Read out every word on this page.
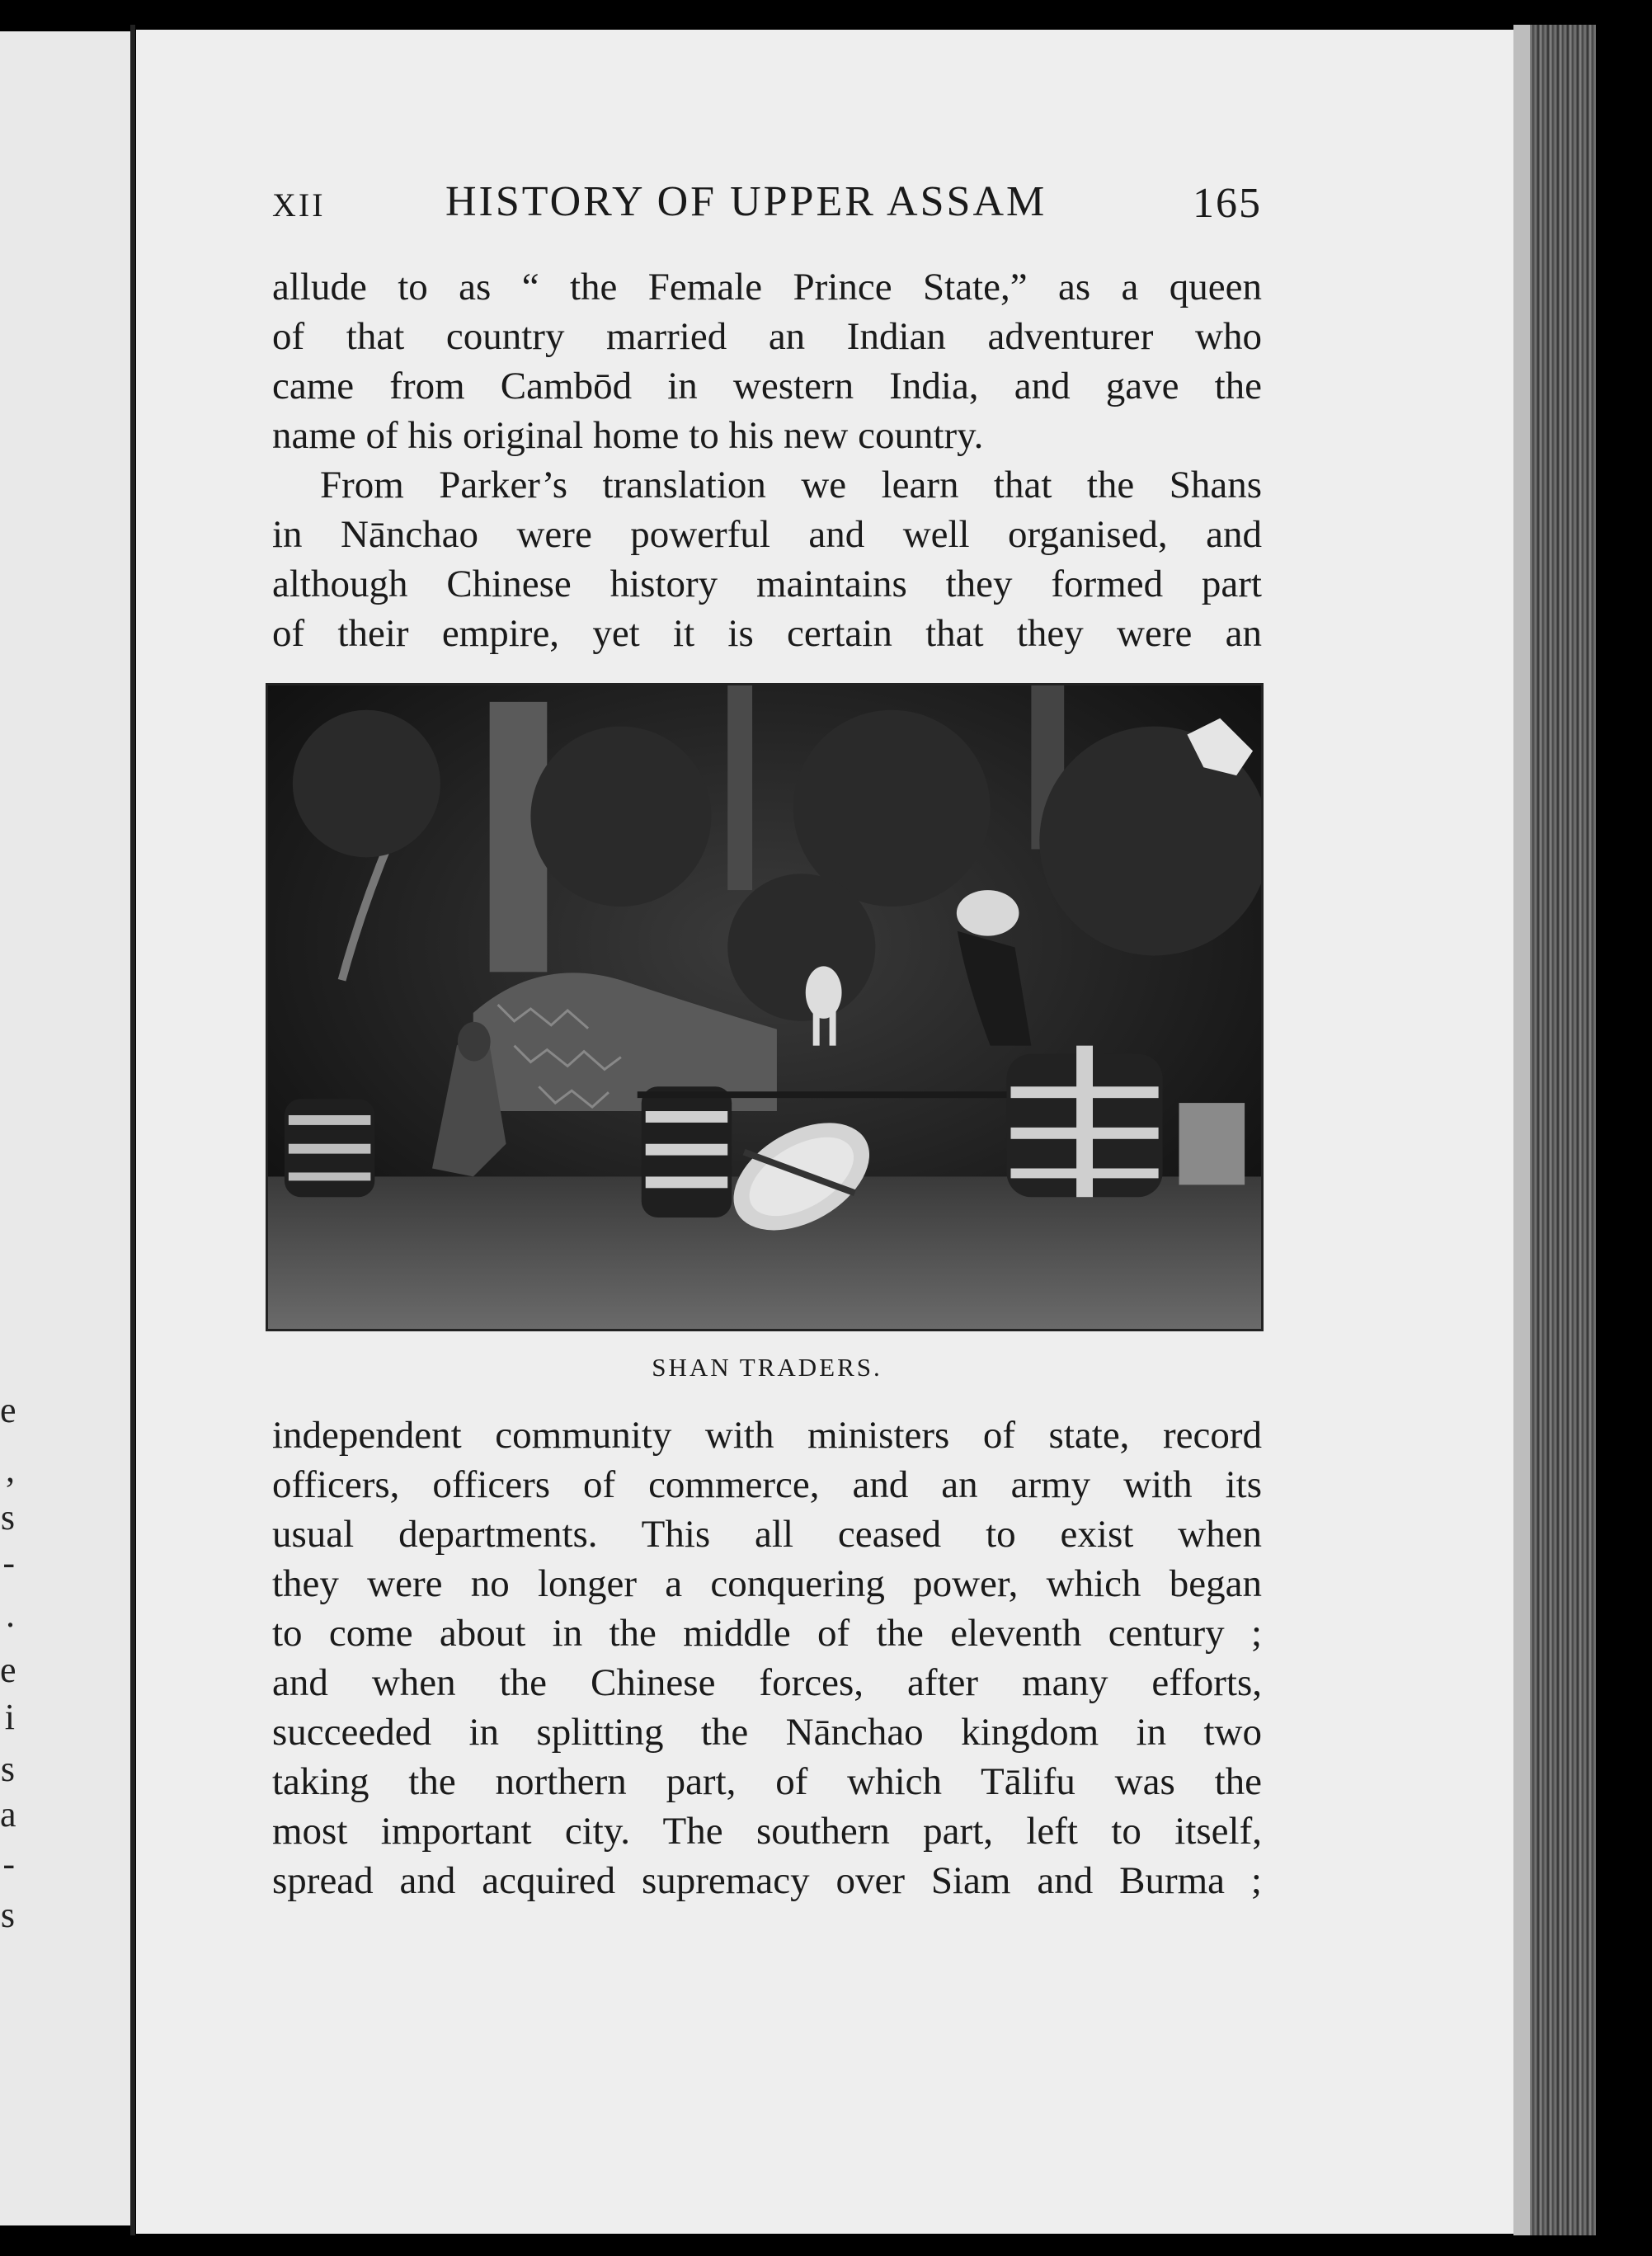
e
,
s
-
.
e
i
s
a
-
s
XII	HISTORY OF UPPER ASSAM	165
allude to as “ the Female Prince State,” as a queen
of that country married an Indian adventurer who
came from Cambōd in western India, and gave the
name of his original home to his new country.
From Parker’s translation we learn that the Shans
in Nānchao were powerful and well organised, and
although Chinese history maintains they formed part
of their empire, yet it is certain that they were an
SHAN TRADERS.
independent community with ministers of state, record
officers, officers of commerce, and an army with its
usual departments. This all ceased to exist when
they were no longer a conquering power, which began
to come about in the middle of the eleventh century ;
and when the Chinese forces, after many efforts,
succeeded in splitting the Nānchao kingdom in two
taking the northern part, of which Tālifu was the
most important city. The southern part, left to itself,
spread and acquired supremacy over Siam and Burma ;
